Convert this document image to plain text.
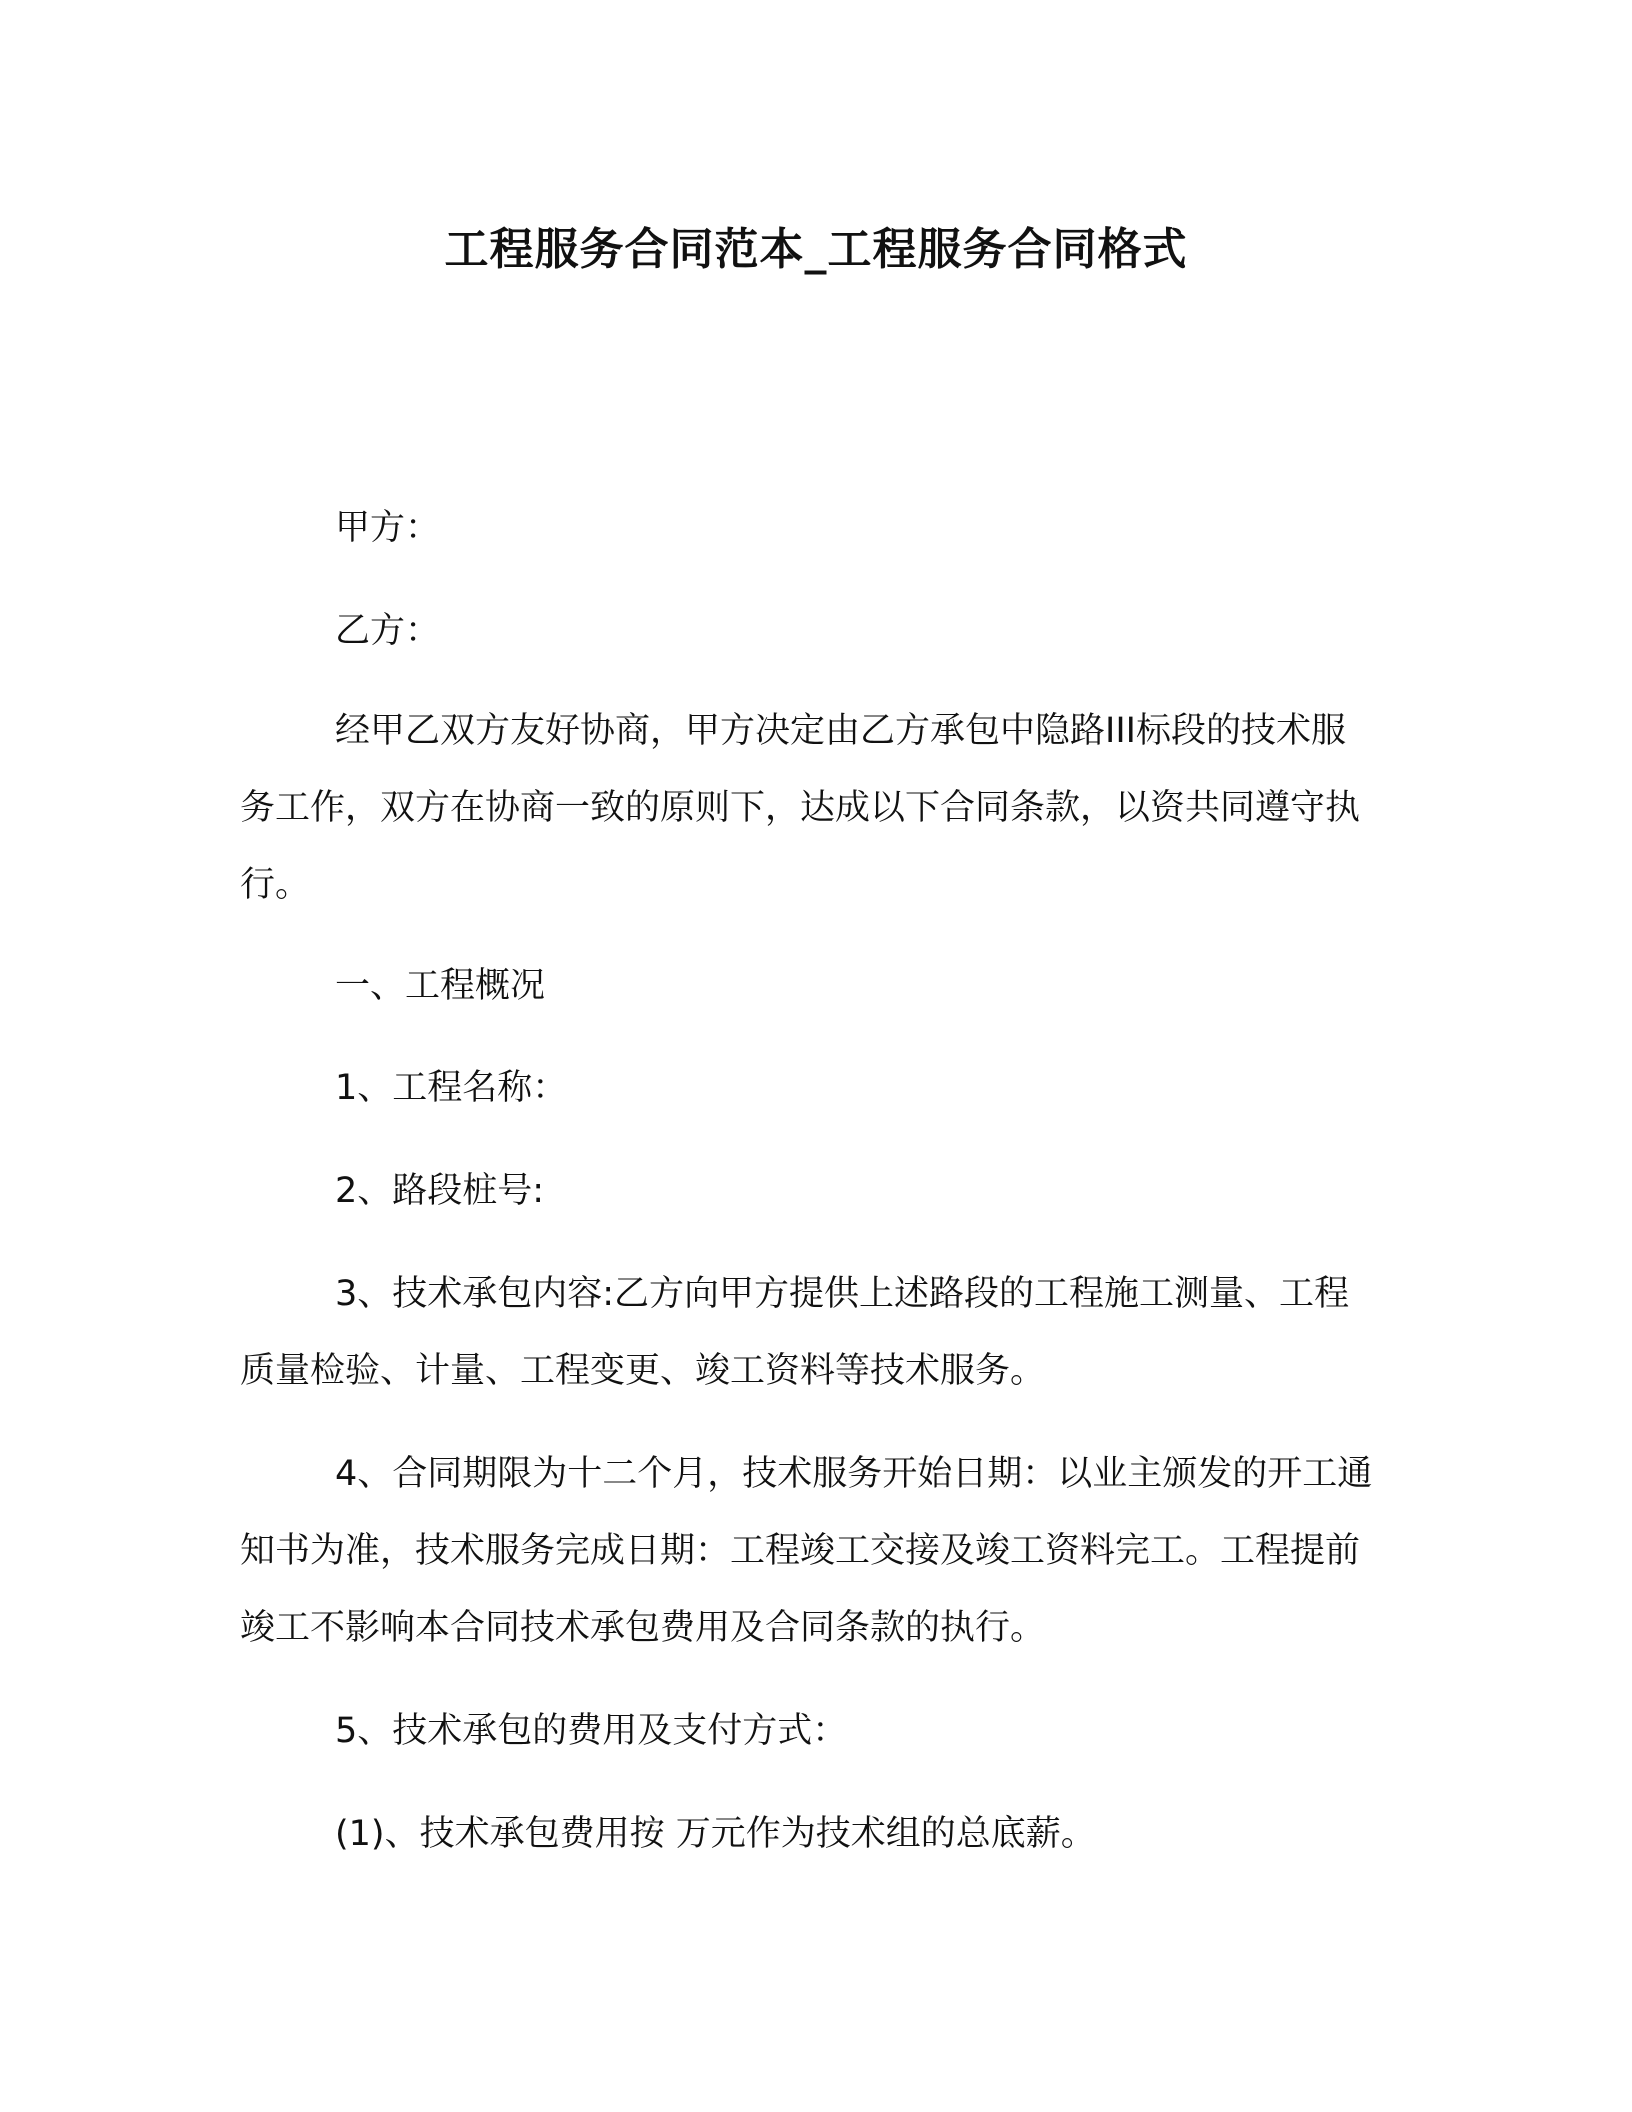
工程服务合同范本_工程服务合同格式

甲方：

乙方：

经甲乙双方友好协商，甲方决定由乙方承包中隐路III标段的技术服务工作，双方在协商一致的原则下，达成以下合同条款，以资共同遵守执行。

一、工程概况

1、工程名称：

2、路段桩号:

3、技术承包内容:乙方向甲方提供上述路段的工程施工测量、工程质量检验、计量、工程变更、竣工资料等技术服务。

4、合同期限为十二个月，技术服务开始日期：以业主颁发的开工通知书为准，技术服务完成日期：工程竣工交接及竣工资料完工。工程提前竣工不影响本合同技术承包费用及合同条款的执行。

5、技术承包的费用及支付方式：

(1)、技术承包费用按 万元作为技术组的总底薪。
